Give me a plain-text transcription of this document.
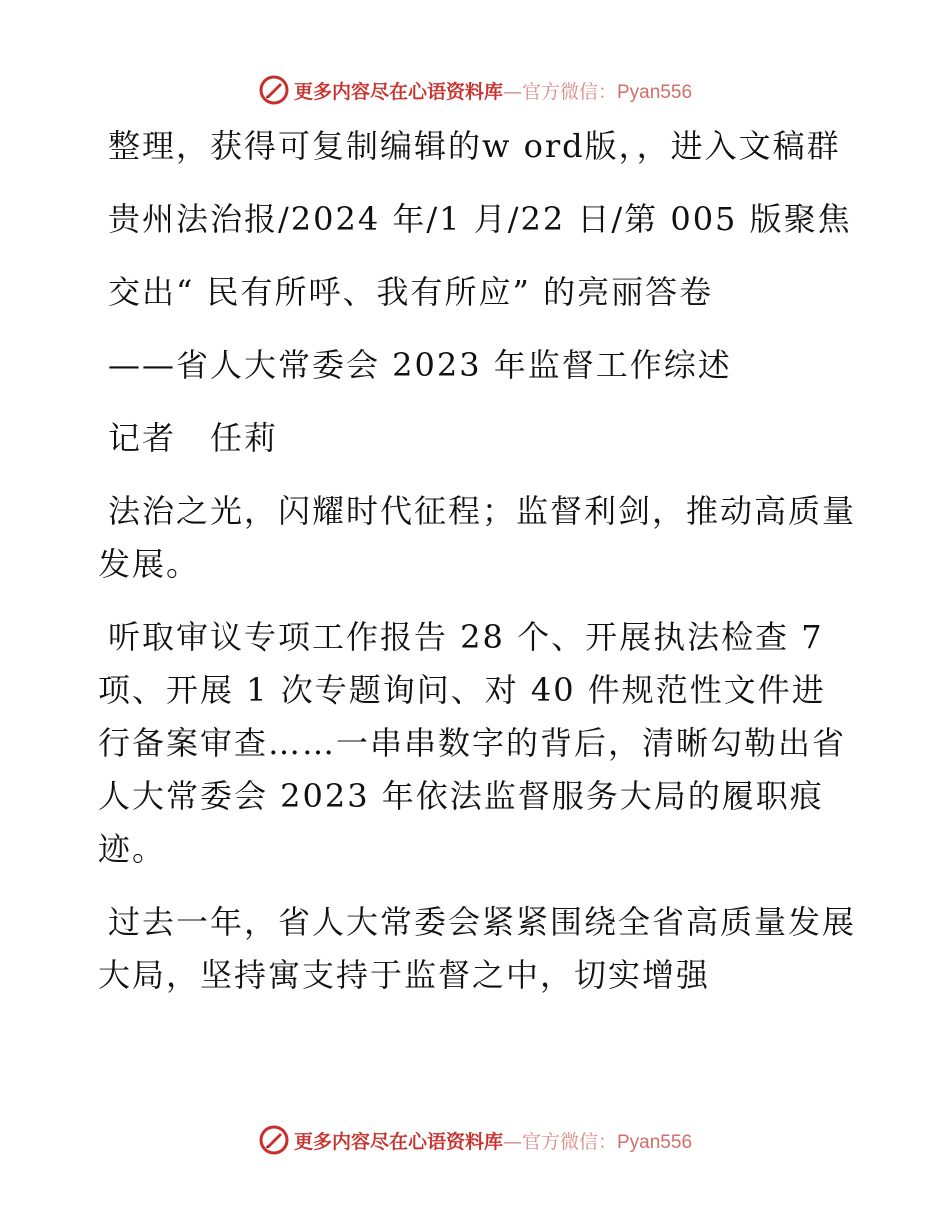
更多内容尽在心语资料库—官方微信：Pyan556

整理，获得可复制编辑的w ord版，，进入文稿群

贵州法治报/2024 年/1 月/22 日/第 005 版聚焦

交出“ 民有所呼、我有所应” 的亮丽答卷

——省人大常委会 2023 年监督工作综述

记者　任莉

法治之光，闪耀时代征程；监督利剑，推动高质量发展。

听取审议专项工作报告 28 个、开展执法检查 7 项、开展 1 次专题询问、对 40 件规范性文件进行备案审查……一串串数字的背后，清晰勾勒出省人大常委会 2023 年依法监督服务大局的履职痕迹。

过去一年，省人大常委会紧紧围绕全省高质量发展大局，坚持寓支持于监督之中，切实增强

更多内容尽在心语资料库—官方微信：Pyan556
